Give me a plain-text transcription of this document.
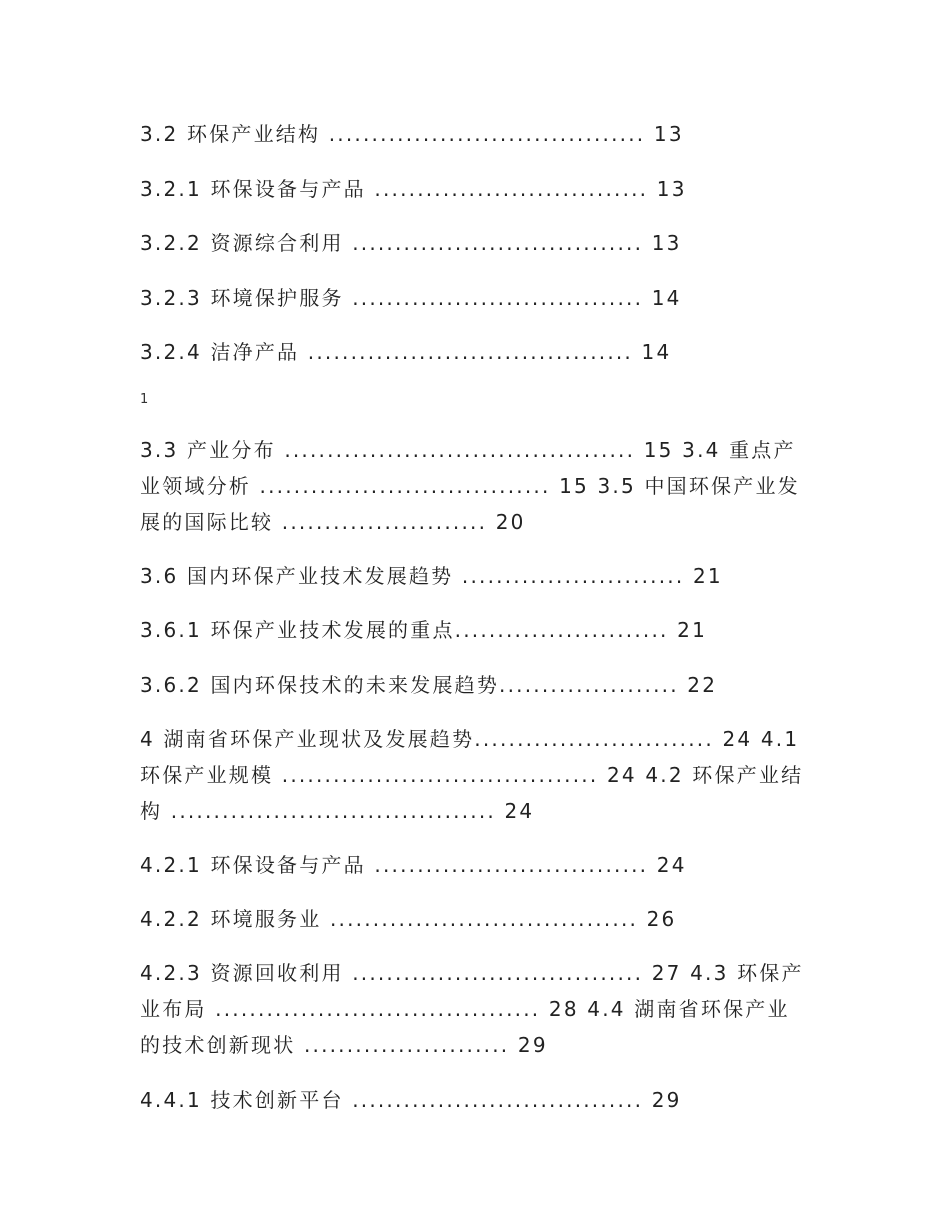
3.2 环保产业结构 ..................................... 13
3.2.1 环保设备与产品 ................................ 13
3.2.2 资源综合利用 .................................. 13
3.2.3 环境保护服务 .................................. 14
3.2.4 洁净产品 ...................................... 14
1
3.3 产业分布 ......................................... 15 3.4 重点产业领域分析 .................................. 15 3.5 中国环保产业发展的国际比较 ........................ 20
3.6 国内环保产业技术发展趋势 .......................... 21
3.6.1 环保产业技术发展的重点......................... 21
3.6.2 国内环保技术的未来发展趋势..................... 22
4 湖南省环保产业现状及发展趋势............................ 24 4.1 环保产业规模 ..................................... 24 4.2 环保产业结构 ...................................... 24
4.2.1 环保设备与产品 ................................ 24
4.2.2 环境服务业 .................................... 26
4.2.3 资源回收利用 .................................. 27 4.3 环保产业布局 ...................................... 28 4.4 湖南省环保产业的技术创新现状 ........................ 29
4.4.1 技术创新平台 .................................. 29
